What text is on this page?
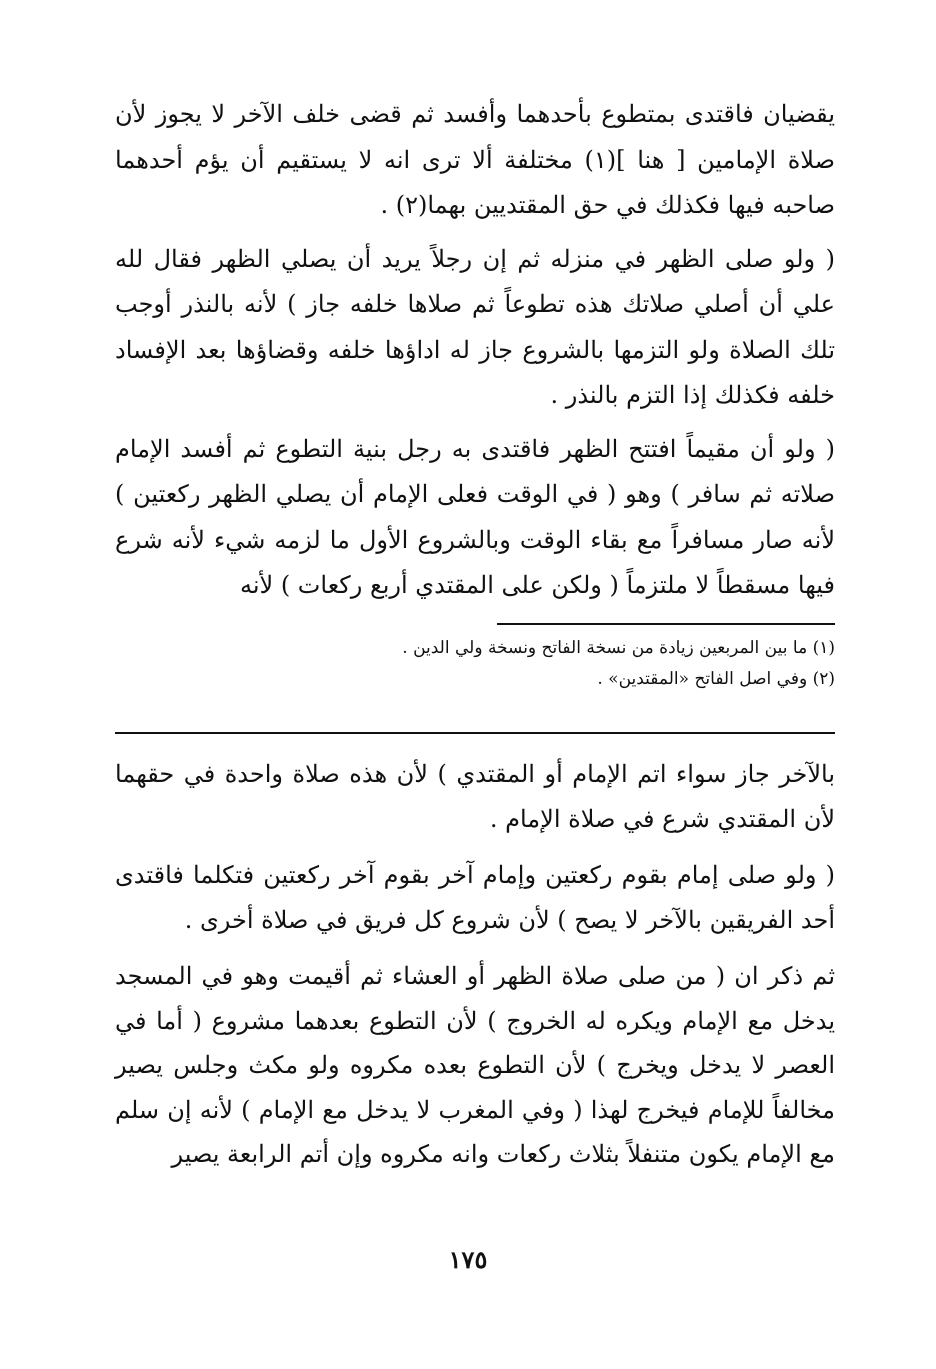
يقضيان فاقتدى بمتطوع بأحدهما وأفسد ثم قضى خلف الآخر لا يجوز لأن صلاة الإمامين [ هنا ](١) مختلفة ألا ترى انه لا يستقيم أن يؤم أحدهما صاحبه فيها فكذلك في حق المقتديين بهما(٢) .

( ولو صلى الظهر في منزله ثم إن رجلاً يريد أن يصلي الظهر فقال لله علي أن أصلي صلاتك هذه تطوعاً ثم صلاها خلفه جاز ) لأنه بالنذر أوجب تلك الصلاة ولو التزمها بالشروع جاز له اداؤها خلفه وقضاؤها بعد الإفساد خلفه فكذلك إذا التزم بالنذر .

( ولو أن مقيماً افتتح الظهر فاقتدى به رجل بنية التطوع ثم أفسد الإمام صلاته ثم سافر ) وهو ( في الوقت فعلى الإمام أن يصلي الظهر ركعتين ) لأنه صار مسافراً مع بقاء الوقت وبالشروع الأول ما لزمه شيء لأنه شرع فيها مسقطاً لا ملتزماً ( ولكن على المقتدي أربع ركعات ) لأنه

(١) ما بين المربعين زيادة من نسخة الفاتح ونسخة ولي الدين .
(٢) وفي اصل الفاتح «المقتدين» .

بالآخر جاز سواء اتم الإمام أو المقتدي ) لأن هذه صلاة واحدة في حقهما لأن المقتدي شرع في صلاة الإمام .

( ولو صلى إمام بقوم ركعتين وإمام آخر بقوم آخر ركعتين فتكلما فاقتدى أحد الفريقين بالآخر لا يصح ) لأن شروع كل فريق في صلاة أخرى .

ثم ذكر ان ( من صلى صلاة الظهر أو العشاء ثم أقيمت وهو في المسجد يدخل مع الإمام ويكره له الخروج ) لأن التطوع بعدهما مشروع ( أما في العصر لا يدخل ويخرج ) لأن التطوع بعده مكروه ولو مكث وجلس يصير مخالفاً للإمام فيخرج لهذا ( وفي المغرب لا يدخل مع الإمام ) لأنه إن سلم مع الإمام يكون متنفلاً بثلاث ركعات وانه مكروه وإن أتم الرابعة يصير

١٧٥
